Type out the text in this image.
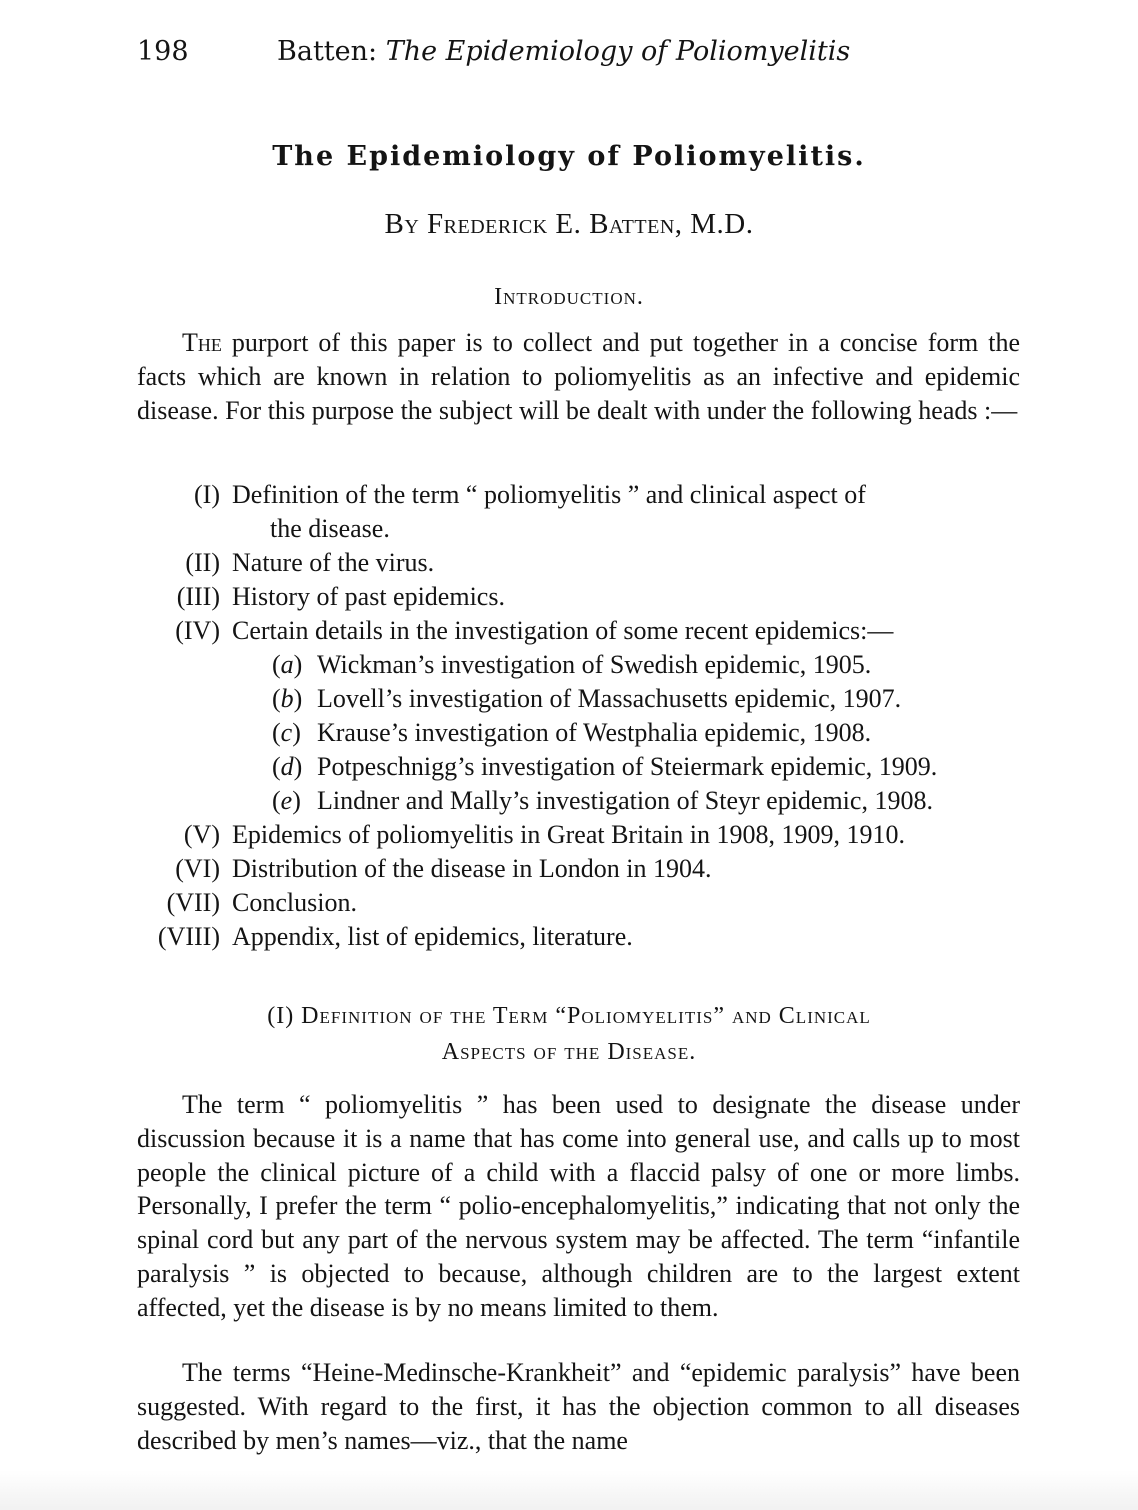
198	Batten: The Epidemiology of Poliomyelitis
The Epidemiology of Poliomyelitis.
By Frederick E. Batten, M.D.
Introduction.
The purport of this paper is to collect and put together in a concise form the facts which are known in relation to poliomyelitis as an infective and epidemic disease. For this purpose the subject will be dealt with under the following heads :—
(I) Definition of the term “ poliomyelitis ” and clinical aspect of
the disease.
(II) Nature of the virus.
(III) History of past epidemics.
(IV) Certain details in the investigation of some recent epidemics:—
(a) Wickman’s investigation of Swedish epidemic, 1905.
(b) Lovell’s investigation of Massachusetts epidemic, 1907.
(c) Krause’s investigation of Westphalia epidemic, 1908.
(d) Potpeschnigg’s investigation of Steiermark epidemic, 1909.
(e) Lindner and Mally’s investigation of Steyr epidemic, 1908.
(V) Epidemics of poliomyelitis in Great Britain in 1908, 1909, 1910.
(VI) Distribution of the disease in London in 1904.
(VII) Conclusion.
(VIII) Appendix, list of epidemics, literature.
(I) Definition of the Term “Poliomyelitis” and Clinical
Aspects of the Disease.
The term “ poliomyelitis ” has been used to designate the disease under discussion because it is a name that has come into general use, and calls up to most people the clinical picture of a child with a flaccid palsy of one or more limbs. Personally, I prefer the term “ polio-encephalomyelitis,” indicating that not only the spinal cord but any part of the nervous system may be affected. The term “infantile paralysis ” is objected to because, although children are to the largest extent affected, yet the disease is by no means limited to them.
The terms “Heine-Medinsche-Krankheit” and “epidemic paralysis” have been suggested. With regard to the first, it has the objection common to all diseases described by men’s names—viz., that the name
